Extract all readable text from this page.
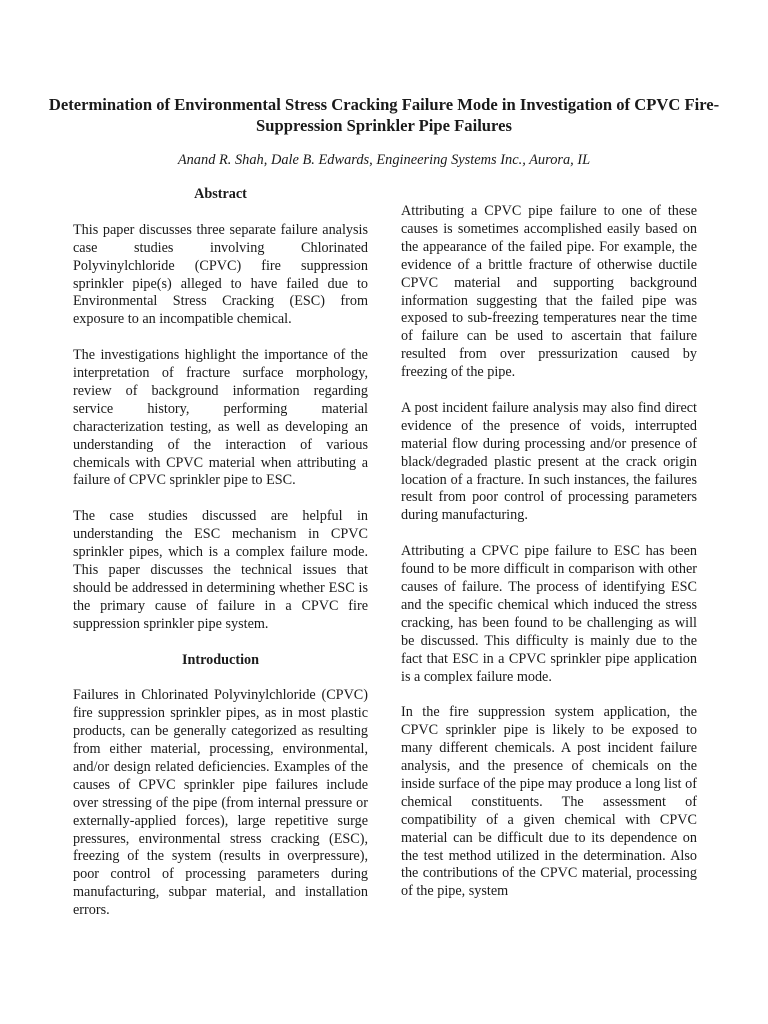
Determination of Environmental Stress Cracking Failure Mode in Investigation of CPVC Fire-Suppression Sprinkler Pipe Failures

Anand R. Shah, Dale B. Edwards, Engineering Systems Inc., Aurora, IL

Abstract

This paper discusses three separate failure analysis case studies involving Chlorinated Polyvinylchloride (CPVC) fire suppression sprinkler pipe(s) alleged to have failed due to Environmental Stress Cracking (ESC) from exposure to an incompatible chemical.

The investigations highlight the importance of the interpretation of fracture surface morphology, review of background information regarding service history, performing material characterization testing, as well as developing an understanding of the interaction of various chemicals with CPVC material when attributing a failure of CPVC sprinkler pipe to ESC.

The case studies discussed are helpful in understanding the ESC mechanism in CPVC sprinkler pipes, which is a complex failure mode. This paper discusses the technical issues that should be addressed in determining whether ESC is the primary cause of failure in a CPVC fire suppression sprinkler pipe system.

Introduction

Failures in Chlorinated Polyvinylchloride (CPVC) fire suppression sprinkler pipes, as in most plastic products, can be generally categorized as resulting from either material, processing, environmental, and/or design related deficiencies. Examples of the causes of CPVC sprinkler pipe failures include over stressing of the pipe (from internal pressure or externally-applied forces), large repetitive surge pressures, environmental stress cracking (ESC), freezing of the system (results in overpressure), poor control of processing parameters during manufacturing, subpar material, and installation errors.

Attributing a CPVC pipe failure to one of these causes is sometimes accomplished easily based on the appearance of the failed pipe. For example, the evidence of a brittle fracture of otherwise ductile CPVC material and supporting background information suggesting that the failed pipe was exposed to sub-freezing temperatures near the time of failure can be used to ascertain that failure resulted from over pressurization caused by freezing of the pipe.

A post incident failure analysis may also find direct evidence of the presence of voids, interrupted material flow during processing and/or presence of black/degraded plastic present at the crack origin location of a fracture. In such instances, the failures result from poor control of processing parameters during manufacturing.

Attributing a CPVC pipe failure to ESC has been found to be more difficult in comparison with other causes of failure. The process of identifying ESC and the specific chemical which induced the stress cracking, has been found to be challenging as will be discussed. This difficulty is mainly due to the fact that ESC in a CPVC sprinkler pipe application is a complex failure mode.

In the fire suppression system application, the CPVC sprinkler pipe is likely to be exposed to many different chemicals. A post incident failure analysis, and the presence of chemicals on the inside surface of the pipe may produce a long list of chemical constituents. The assessment of compatibility of a given chemical with CPVC material can be difficult due to its dependence on the test method utilized in the determination. Also the contributions of the CPVC material, processing of the pipe, system
